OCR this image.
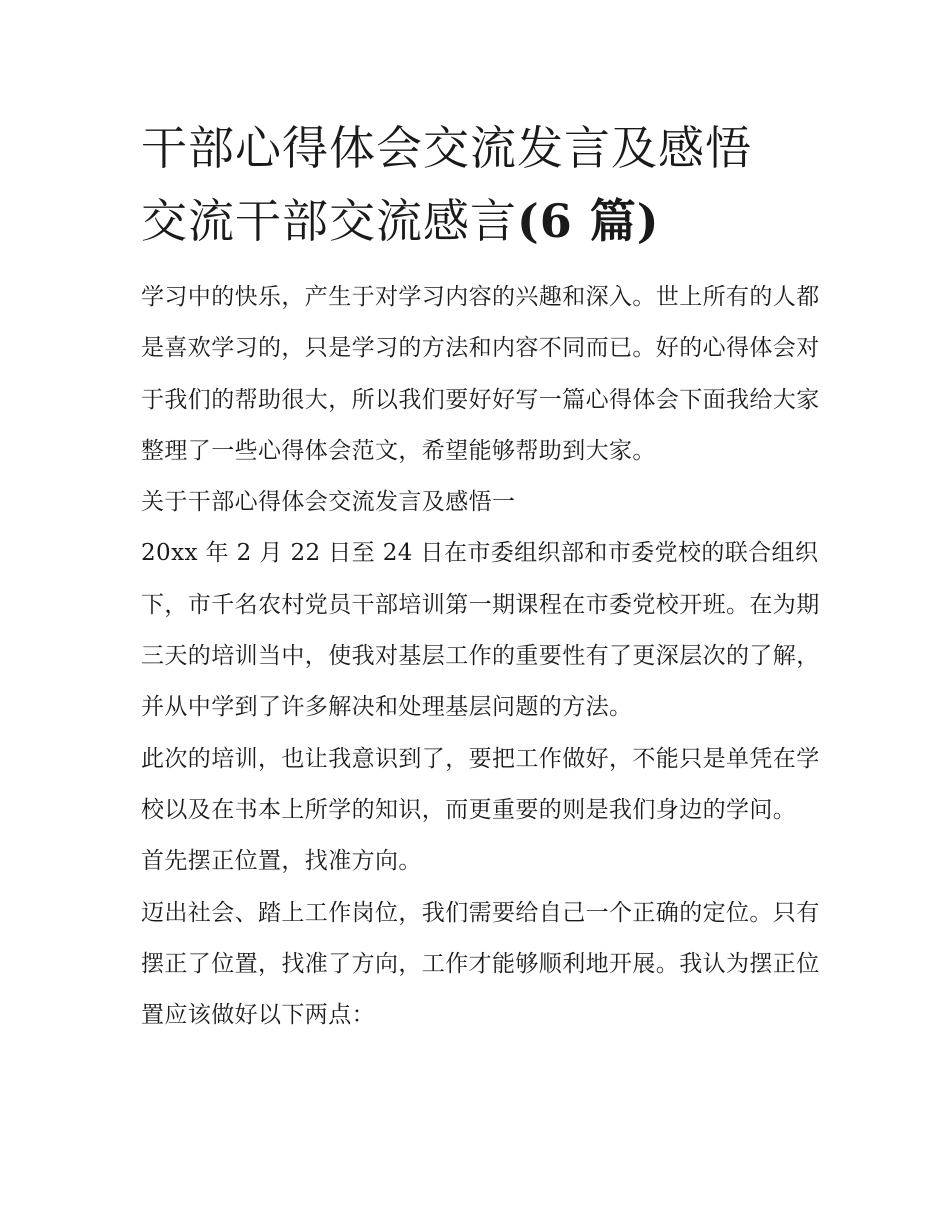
干部心得体会交流发言及感悟
交流干部交流感言(6 篇)

学习中的快乐，产生于对学习内容的兴趣和深入。世上所有的人都是喜欢学习的，只是学习的方法和内容不同而已。好的心得体会对于我们的帮助很大，所以我们要好好写一篇心得体会下面我给大家整理了一些心得体会范文，希望能够帮助到大家。

关于干部心得体会交流发言及感悟一

20xx 年 2 月 22 日至 24 日在市委组织部和市委党校的联合组织下，市千名农村党员干部培训第一期课程在市委党校开班。在为期三天的培训当中，使我对基层工作的重要性有了更深层次的了解，并从中学到了许多解决和处理基层问题的方法。

此次的培训，也让我意识到了，要把工作做好，不能只是单凭在学校以及在书本上所学的知识，而更重要的则是我们身边的学问。 首先摆正位置，找准方向。

迈出社会、踏上工作岗位，我们需要给自己一个正确的定位。只有摆正了位置，找准了方向，工作才能够顺利地开展。我认为摆正位置应该做好以下两点：
